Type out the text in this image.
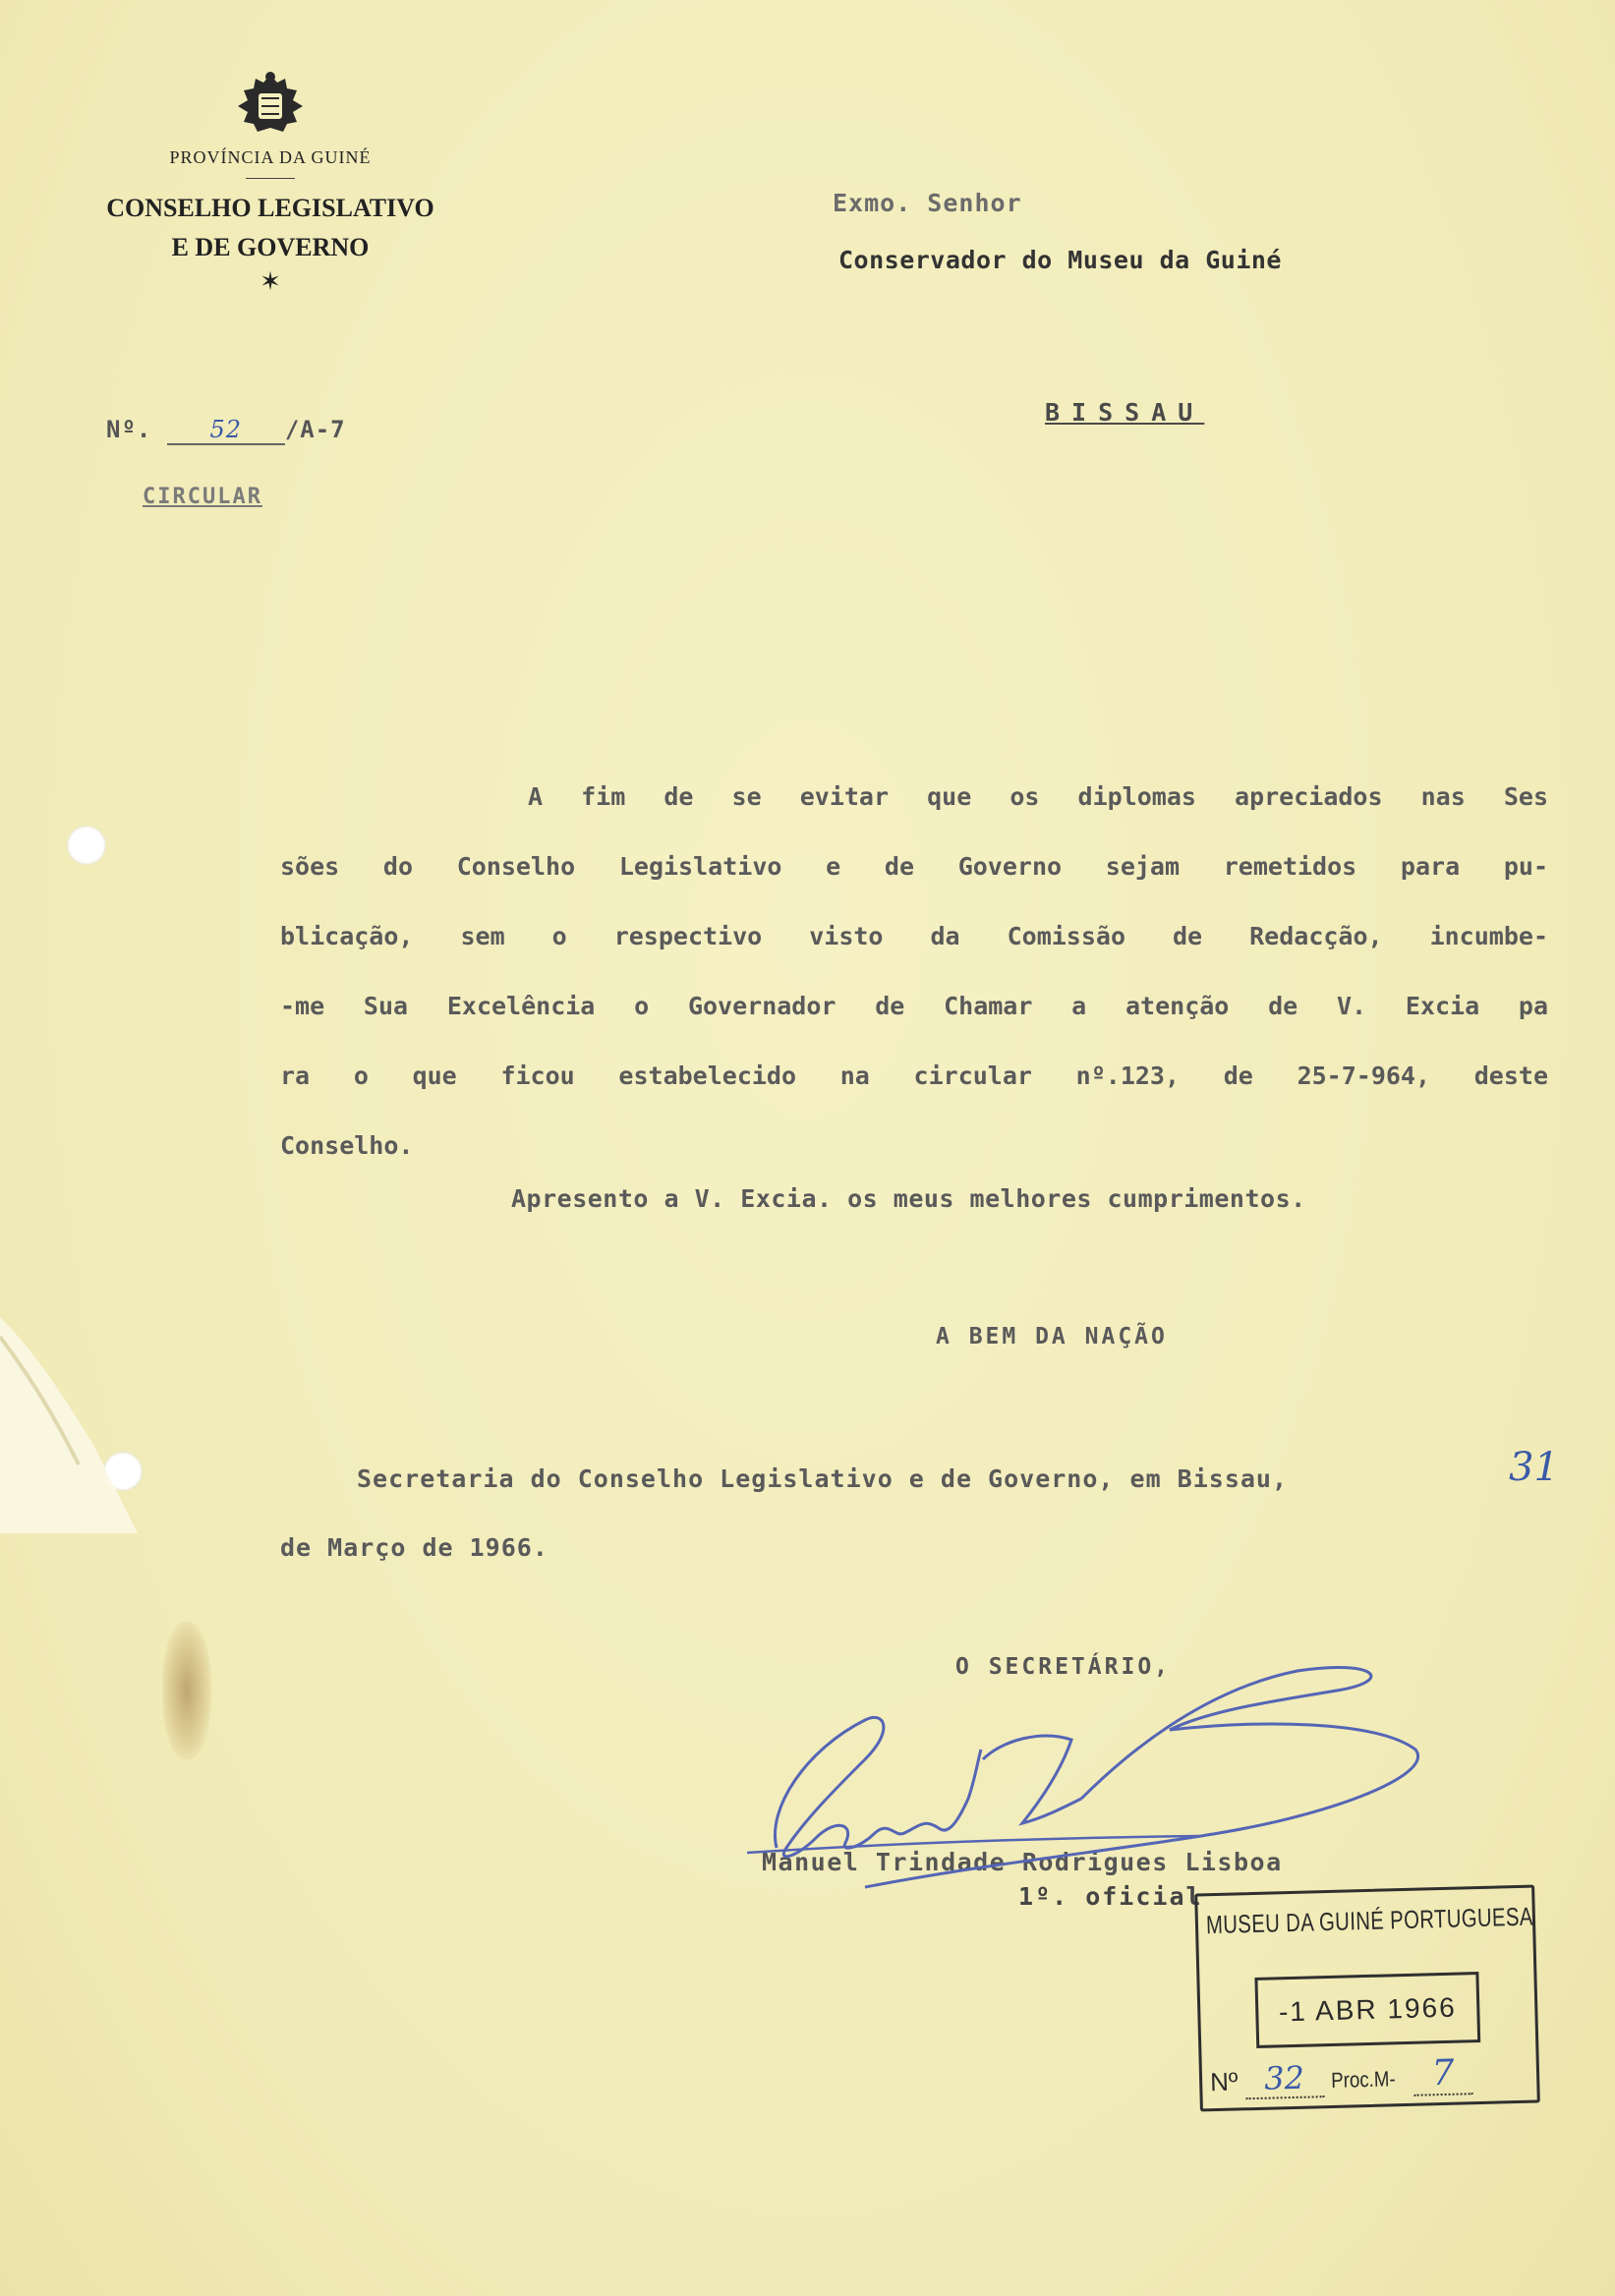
PROVÍNCIA DA GUINÉ
CONSELHO LEGISLATIVO
E DE GOVERNO
✶
Exmo. Senhor
Conservador do Museu da Guiné
BISSAU
Nº. 52 /A-7
CIRCULAR

A fim de se evitar que os diplomas apreciados nas Ses

sões do Conselho Legislativo e de Governo sejam remetidos para pu-

blicação, sem o respectivo visto da Comissão de Redacção, incumbe-

-me Sua Excelência o Governador de Chamar a atenção de V. Excia pa

ra o que ficou estabelecido na circular nº.123, de 25-7-964, deste

Conselho.

Apresento a V. Excia. os meus melhores cumprimentos.
A BEM DA NAÇÃO
Secretaria do Conselho Legislativo e de Governo, em Bissau,	31
de Março de 1966.
O SECRETÁRIO,
Manuel Trindade Rodrigues Lisboa
1º. oficial
MUSEU DA GUINÉ PORTUGUESA
-1 ABR 1966
Nº 32 Proc.M- 7
